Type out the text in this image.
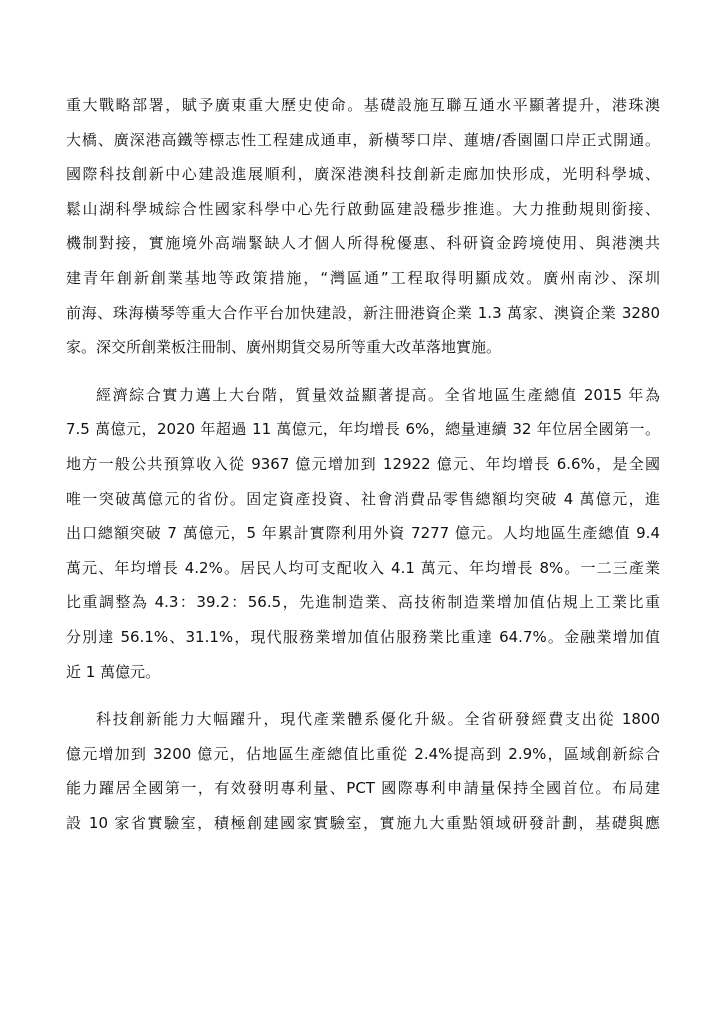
重大戰略部署，賦予廣東重大歷史使命。基礎設施互聯互通水平顯著提升，港珠澳
大橋、廣深港高鐵等標志性工程建成通車，新橫琴口岸、蓮塘/香園圍口岸正式開通。
國際科技創新中心建設進展順利，廣深港澳科技創新走廊加快形成，光明科學城、
鬆山湖科學城綜合性國家科學中心先行啟動區建設穩步推進。大力推動規則銜接、
機制對接，實施境外高端緊缺人才個人所得稅優惠、科研資金跨境使用、與港澳共
建青年創新創業基地等政策措施，“灣區通”工程取得明顯成效。廣州南沙、深圳
前海、珠海橫琴等重大合作平台加快建設，新注冊港資企業 1.3 萬家、澳資企業 3280
家。深交所創業板注冊制、廣州期貨交易所等重大改革落地實施。
經濟綜合實力邁上大台階，質量效益顯著提高。全省地區生產總值 2015 年為
7.5 萬億元，2020 年超過 11 萬億元，年均增長 6%，總量連續 32 年位居全國第一。
地方一般公共預算收入從 9367 億元增加到 12922 億元、年均增長 6.6%，是全國
唯一突破萬億元的省份。固定資產投資、社會消費品零售總額均突破 4 萬億元，進
出口總額突破 7 萬億元，5 年累計實際利用外資 7277 億元。人均地區生產總值 9.4
萬元、年均增長 4.2%。居民人均可支配收入 4.1 萬元、年均增長 8%。一二三產業
比重調整為 4.3：39.2：56.5，先進制造業、高技術制造業增加值佔規上工業比重
分別達 56.1%、31.1%，現代服務業增加值佔服務業比重達 64.7%。金融業增加值
近 1 萬億元。
科技創新能力大幅躍升，現代產業體系優化升級。全省研發經費支出從 1800
億元增加到 3200 億元，佔地區生產總值比重從 2.4%提高到 2.9%，區域創新綜合
能力躍居全國第一，有效發明專利量、PCT 國際專利申請量保持全國首位。布局建
設 10 家省實驗室，積極創建國家實驗室，實施九大重點領域研發計劃，基礎與應
